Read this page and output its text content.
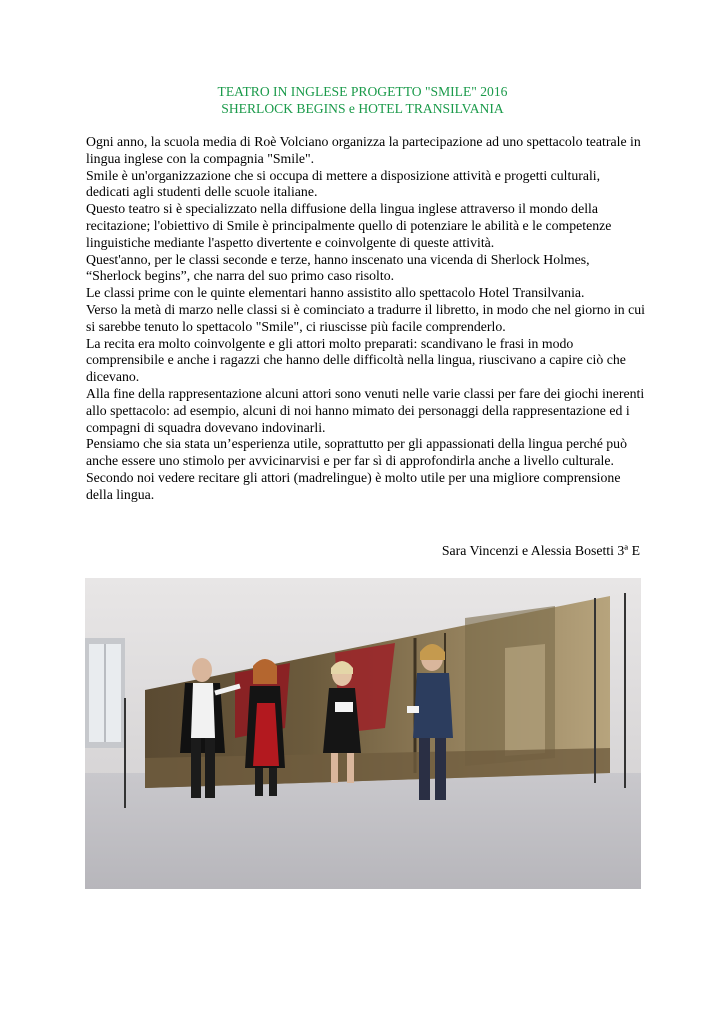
TEATRO IN INGLESE PROGETTO "SMILE" 2016
SHERLOCK BEGINS e HOTEL TRANSILVANIA

Ogni anno, la scuola media di Roè Volciano organizza la partecipazione ad uno spettacolo teatrale in lingua inglese con la compagnia "Smile".

Smile è un'organizzazione che si occupa di mettere a disposizione attività e progetti culturali, dedicati agli studenti delle scuole italiane.

Questo teatro si è specializzato nella diffusione della lingua inglese attraverso il mondo della recitazione; l'obiettivo di Smile è principalmente quello di potenziare le abilità e le competenze linguistiche mediante l'aspetto divertente e coinvolgente di queste attività.

Quest'anno, per le classi seconde e terze, hanno inscenato una vicenda di Sherlock Holmes, “Sherlock begins”, che narra del suo primo caso risolto.

Le classi prime con le quinte elementari hanno assistito allo spettacolo Hotel Transilvania.

Verso la metà di marzo nelle classi si è cominciato a tradurre il libretto, in modo che nel giorno in cui si sarebbe tenuto lo spettacolo "Smile", ci riuscisse più facile comprenderlo.

La recita era molto coinvolgente e gli attori molto preparati: scandivano le frasi in modo comprensibile e anche i ragazzi che hanno delle difficoltà nella lingua, riuscivano a capire ciò che dicevano.

Alla fine della rappresentazione alcuni attori sono venuti nelle varie classi per fare dei giochi inerenti allo spettacolo: ad esempio, alcuni di noi hanno mimato dei personaggi della rappresentazione ed i compagni di squadra dovevano indovinarli.

Pensiamo che sia stata un’esperienza utile, soprattutto per gli appassionati della lingua perché può anche essere uno stimolo per avvicinarvisi e per far sì di approfondirla anche a livello culturale.

Secondo noi vedere recitare gli attori (madrelingue) è molto utile per una migliore comprensione della lingua.

Sara Vincenzi e Alessia Bosetti 3ª E
